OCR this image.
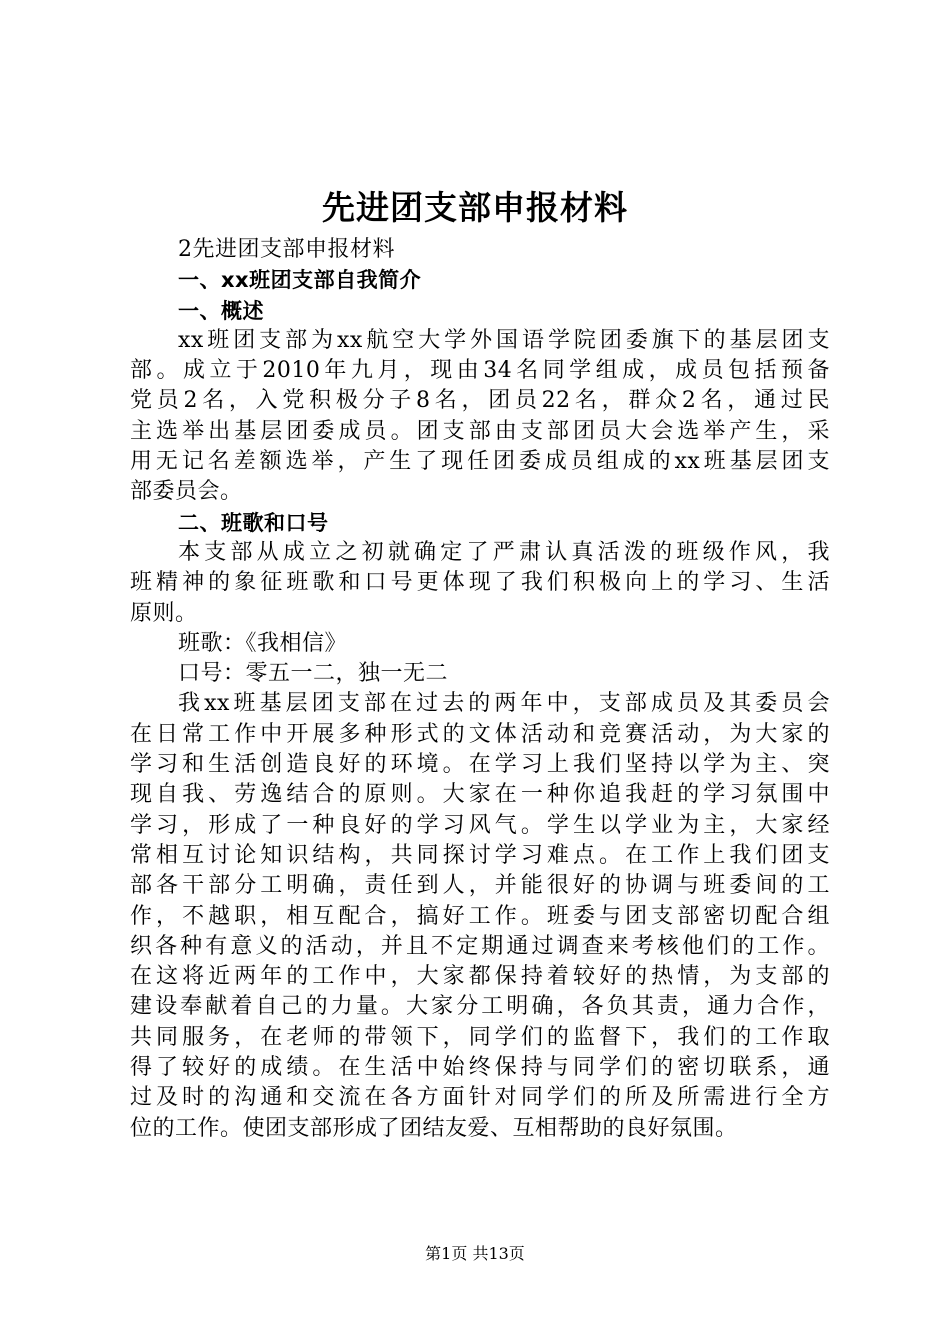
先进团支部申报材料

2先进团支部申报材料

一、xx班团支部自我简介

一、概述

xx班团支部为xx航空大学外国语学院团委旗下的基层团支

部。成立于2010年九月，现由34名同学组成，成员包括预备

党员2名，入党积极分子8名，团员22名，群众2名，通过民

主选举出基层团委成员。团支部由支部团员大会选举产生，采

用无记名差额选举，产生了现任团委成员组成的xx班基层团支

部委员会。

二、班歌和口号

本支部从成立之初就确定了严肃认真活泼的班级作风，我

班精神的象征班歌和口号更体现了我们积极向上的学习、生活

原则。

班歌：《我相信》

口号：零五一二，独一无二

我xx班基层团支部在过去的两年中，支部成员及其委员会

在日常工作中开展多种形式的文体活动和竞赛活动，为大家的

学习和生活创造良好的环境。在学习上我们坚持以学为主、突

现自我、劳逸结合的原则。大家在一种你追我赶的学习氛围中

学习，形成了一种良好的学习风气。学生以学业为主，大家经

常相互讨论知识结构，共同探讨学习难点。在工作上我们团支

部各干部分工明确，责任到人，并能很好的协调与班委间的工

作，不越职，相互配合，搞好工作。班委与团支部密切配合组

织各种有意义的活动，并且不定期通过调查来考核他们的工作。

在这将近两年的工作中，大家都保持着较好的热情，为支部的

建设奉献着自己的力量。大家分工明确，各负其责，通力合作，

共同服务，在老师的带领下，同学们的监督下，我们的工作取

得了较好的成绩。在生活中始终保持与同学们的密切联系，通

过及时的沟通和交流在各方面针对同学们的所及所需进行全方

位的工作。使团支部形成了团结友爱、互相帮助的良好氛围。

第1页 共13页
